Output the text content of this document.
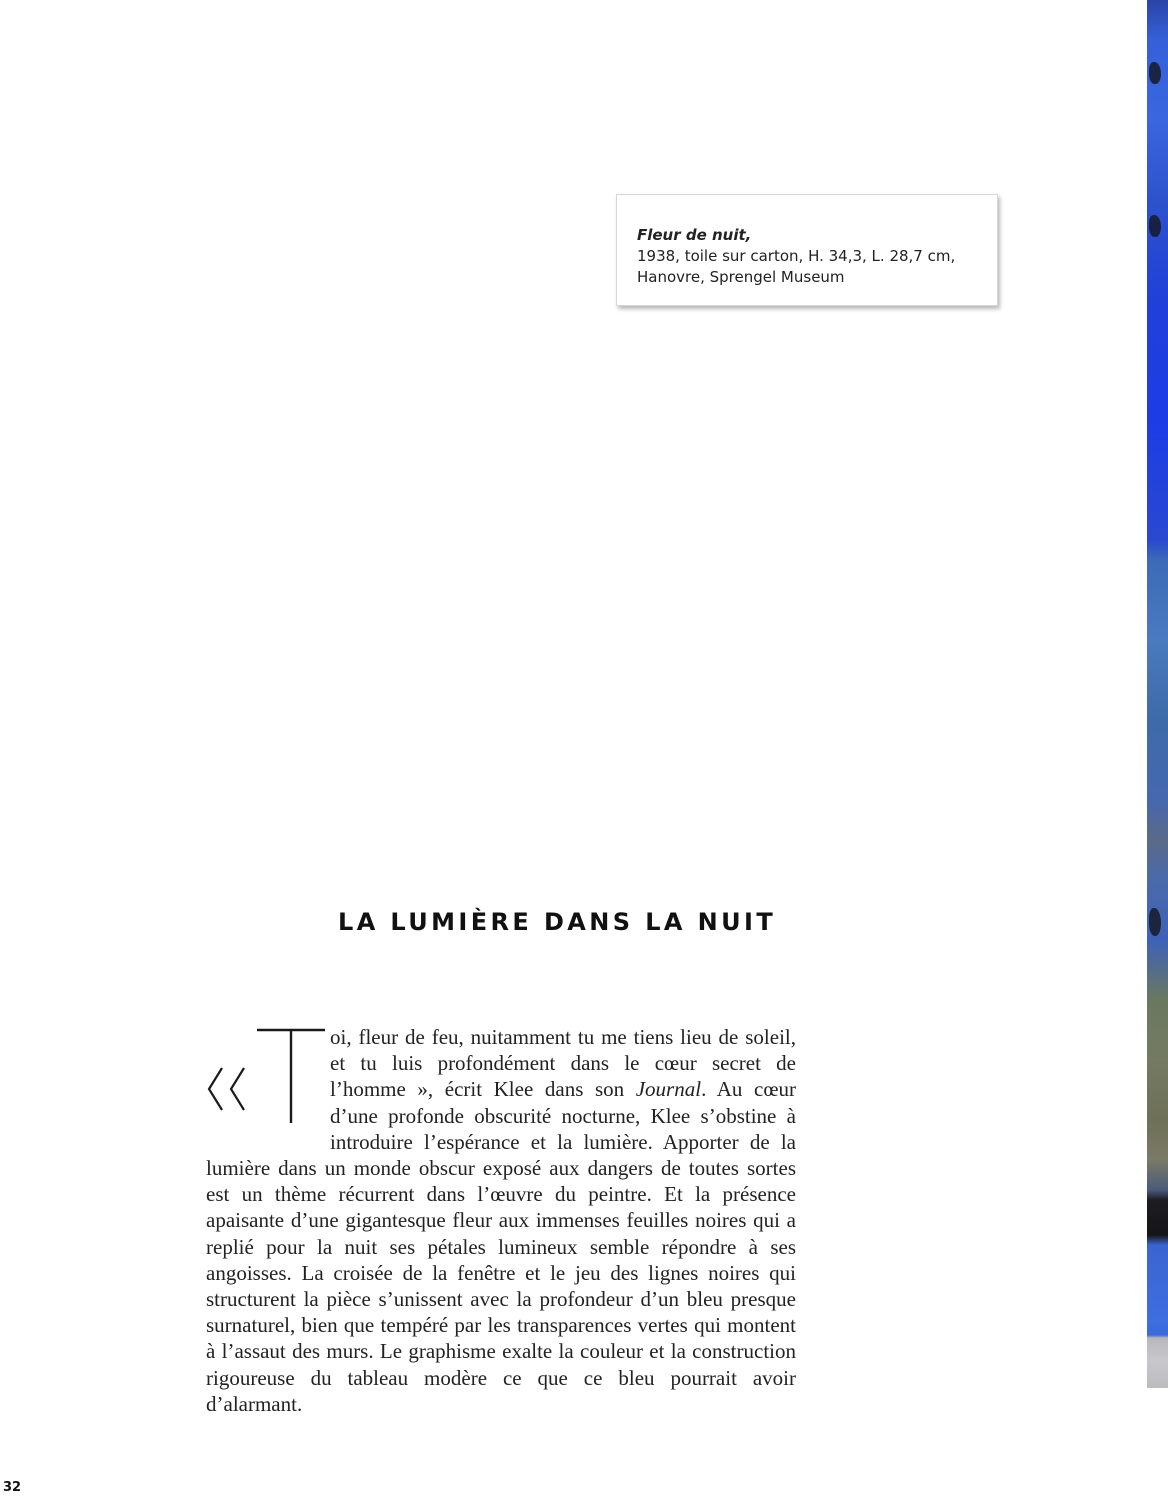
Fleur de nuit,
1938, toile sur carton, H. 34,3, L. 28,7 cm,
Hanovre, Sprengel Museum
LA LUMIÈRE DANS LA NUIT

oi, fleur de feu, nuitamment tu me tiens lieu de soleil, et tu luis profondément dans le cœur secret de l’homme », écrit Klee dans son Journal. Au cœur d’une profonde obscurité nocturne, Klee s’obstine à introduire l’espérance et la lumière. Apporter de la lumière dans un monde obscur exposé aux dangers de toutes sortes est un thème récurrent dans l’œuvre du peintre. Et la présence apaisante d’une gigantesque fleur aux immenses feuilles noires qui a replié pour la nuit ses pétales lumineux semble répondre à ses angoisses. La croisée de la fenêtre et le jeu des lignes noires qui structurent la pièce s’unissent avec la profondeur d’un bleu presque surnaturel, bien que tempéré par les transparences vertes qui montent à l’assaut des murs. Le graphisme exalte la couleur et la construction rigoureuse du tableau modère ce que ce bleu pourrait avoir d’alarmant.

32
